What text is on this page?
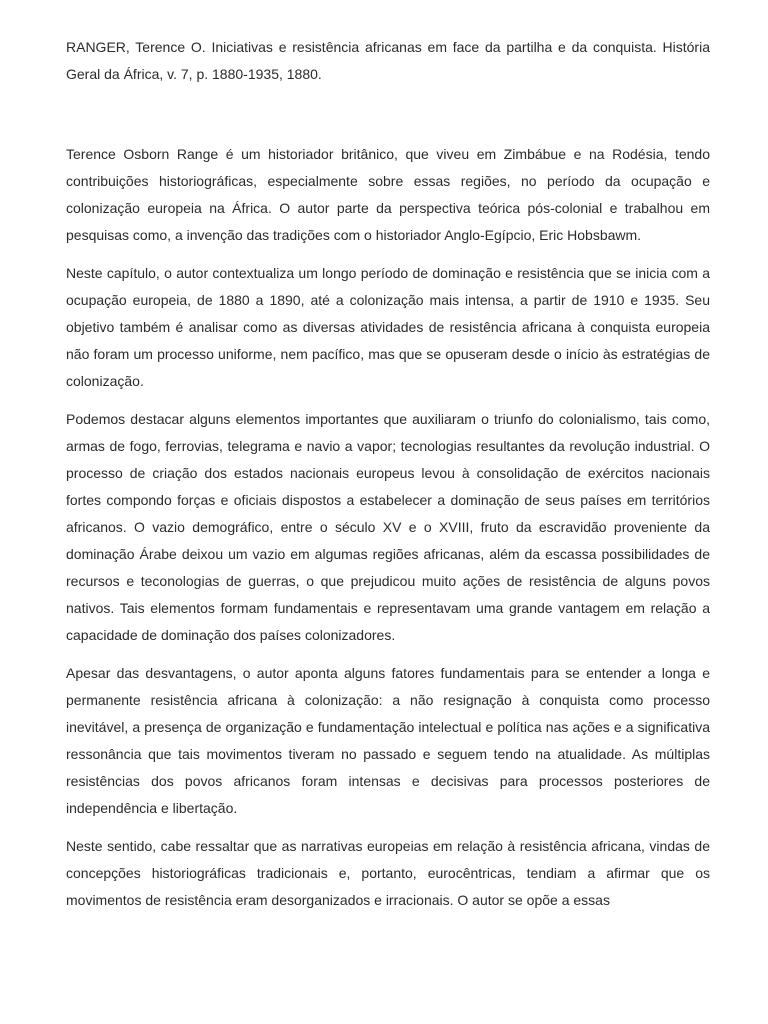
RANGER, Terence O. Iniciativas e resistência africanas em face da partilha e da conquista. História Geral da África, v. 7, p. 1880-1935, 1880.

Terence Osborn Range é um historiador britânico, que viveu em Zimbábue e na Rodésia, tendo contribuições historiográficas, especialmente sobre essas regiões, no período da ocupação e colonização europeia na África. O autor parte da perspectiva teórica pós-colonial e trabalhou em pesquisas como, a invenção das tradições com o historiador Anglo-Egípcio, Eric Hobsbawm.

Neste capítulo, o autor contextualiza um longo período de dominação e resistência que se inicia com a ocupação europeia, de 1880 a 1890, até a colonização mais intensa, a partir de 1910 e 1935. Seu objetivo também é analisar como as diversas atividades de resistência africana à conquista europeia não foram um processo uniforme, nem pacífico, mas que se opuseram desde o início às estratégias de colonização.

Podemos destacar alguns elementos importantes que auxiliaram o triunfo do colonialismo, tais como, armas de fogo, ferrovias, telegrama e navio a vapor; tecnologias resultantes da revolução industrial. O processo de criação dos estados nacionais europeus levou à consolidação de exércitos nacionais fortes compondo forças e oficiais dispostos a estabelecer a dominação de seus países em territórios africanos. O vazio demográfico, entre o século XV e o XVIII, fruto da escravidão proveniente da dominação Árabe deixou um vazio em algumas regiões africanas, além da escassa possibilidades de recursos e teconologias de guerras, o que prejudicou muito ações de resistência de alguns povos nativos. Tais elementos formam fundamentais e representavam uma grande vantagem em relação a capacidade de dominação dos países colonizadores.

Apesar das desvantagens, o autor aponta alguns fatores fundamentais para se entender a longa e permanente resistência africana à colonização: a não resignação à conquista como processo inevitável, a presença de organização e fundamentação intelectual e política nas ações e a significativa ressonância que tais movimentos tiveram no passado e seguem tendo na atualidade. As múltiplas resistências dos povos africanos foram intensas e decisivas para processos posteriores de independência e libertação.

Neste sentido, cabe ressaltar que as narrativas europeias em relação à resistência africana, vindas de concepções historiográficas tradicionais e, portanto, eurocêntricas, tendiam a afirmar que os movimentos de resistência eram desorganizados e irracionais. O autor se opõe a essas
